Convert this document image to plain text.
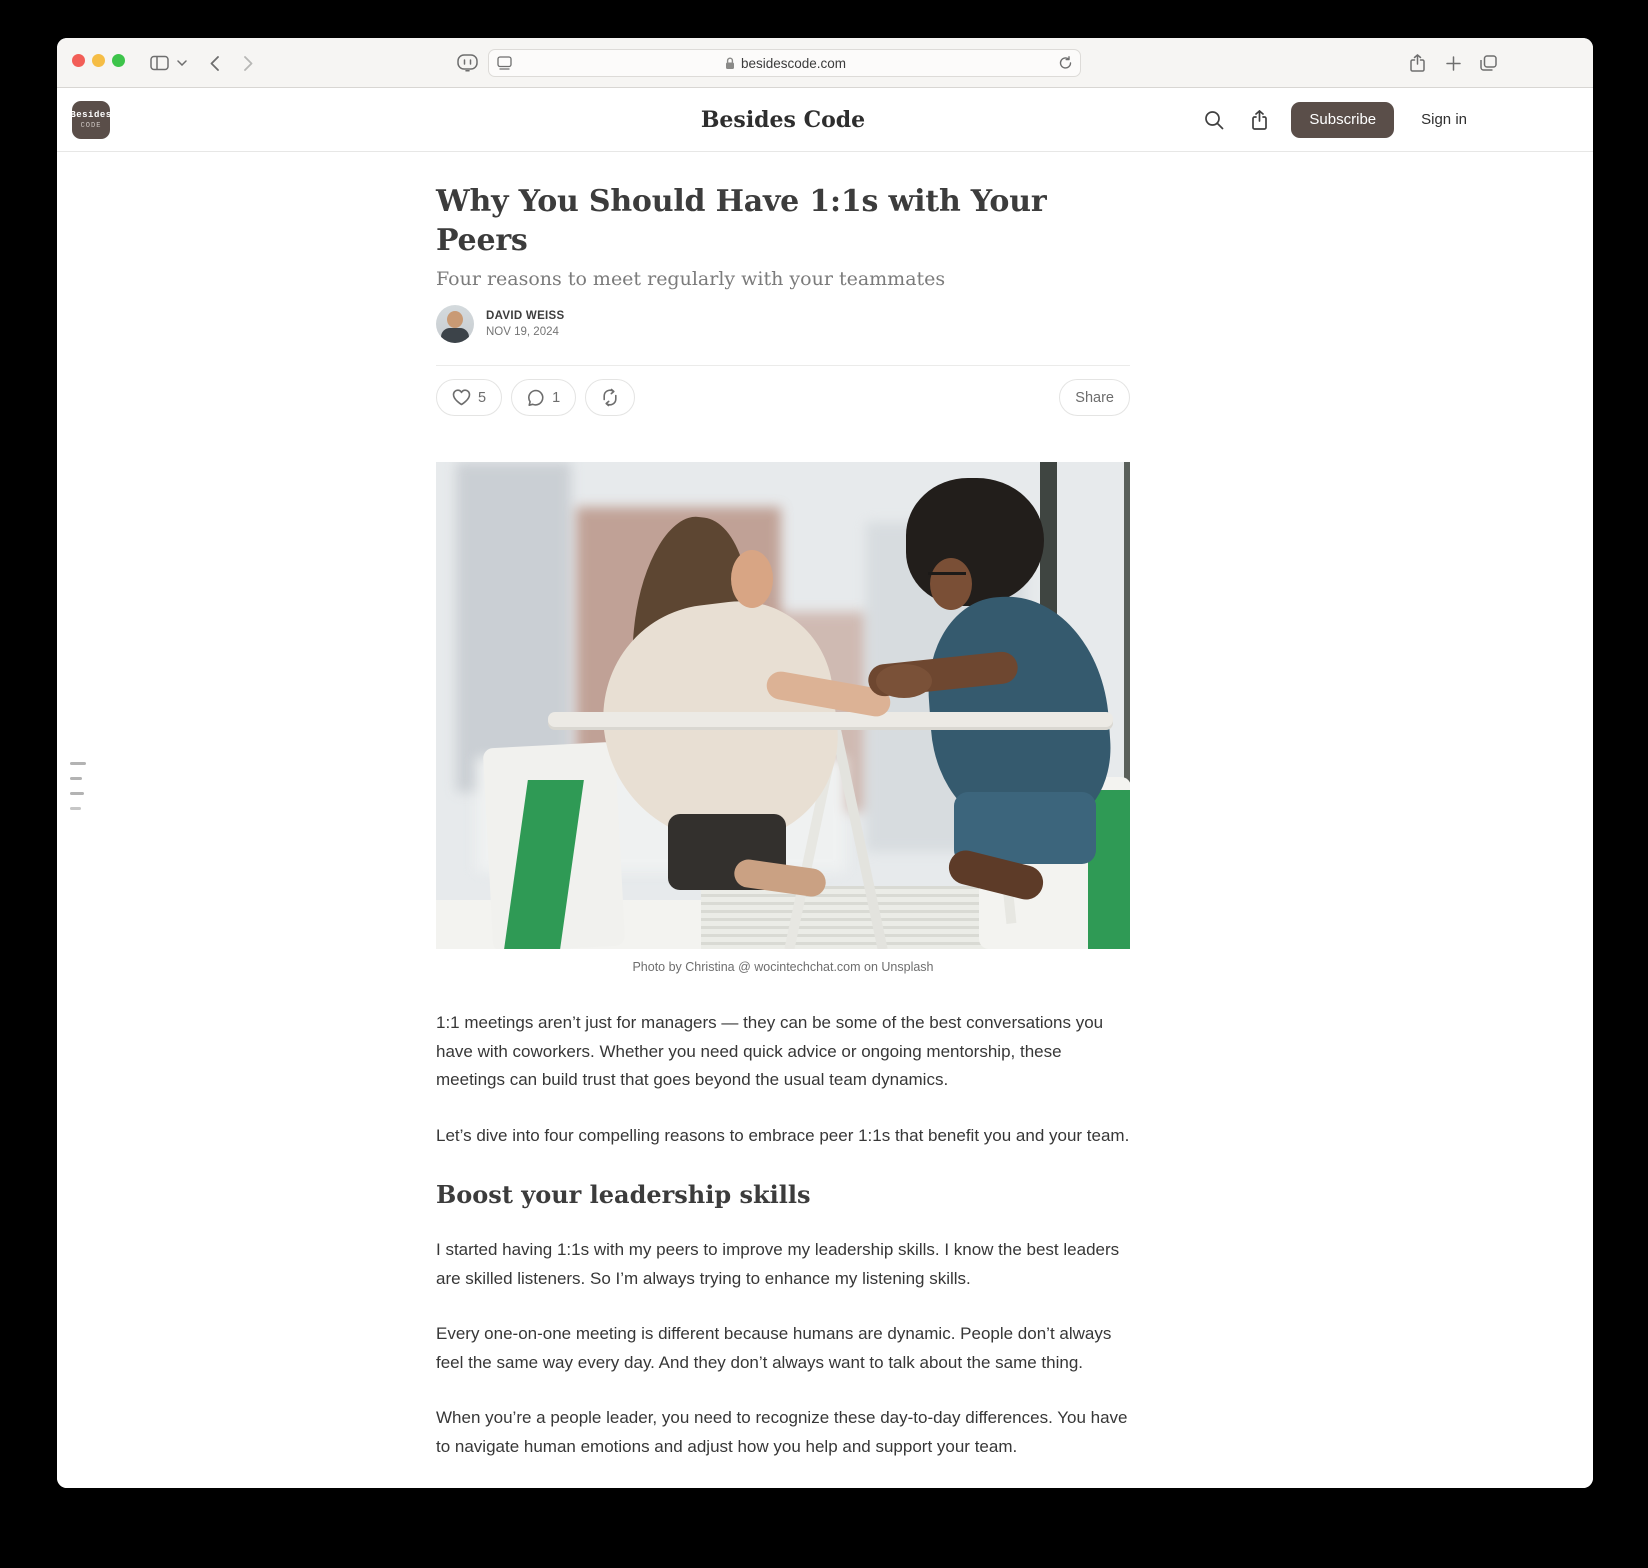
besidescode.com
Besides
CODE	Besides Code	Subscribe	Sign in
Why You Should Have 1:1s with Your Peers
Four reasons to meet regularly with your teammates
DAVID WEISS
NOV 19, 2024
5	1	Share
Photo by Christina @ wocintechchat.com on Unsplash

1:1 meetings aren’t just for managers — they can be some of the best conversations you have with coworkers. Whether you need quick advice or ongoing mentorship, these meetings can build trust that goes beyond the usual team dynamics.

Let’s dive into four compelling reasons to embrace peer 1:1s that benefit you and your team.

Boost your leadership skills

I started having 1:1s with my peers to improve my leadership skills. I know the best leaders are skilled listeners. So I’m always trying to enhance my listening skills.

Every one-on-one meeting is different because humans are dynamic. People don’t always feel the same way every day. And they don’t always want to talk about the same thing.

When you’re a people leader, you need to recognize these day-to-day differences. You have to navigate human emotions and adjust how you help and support your team.
